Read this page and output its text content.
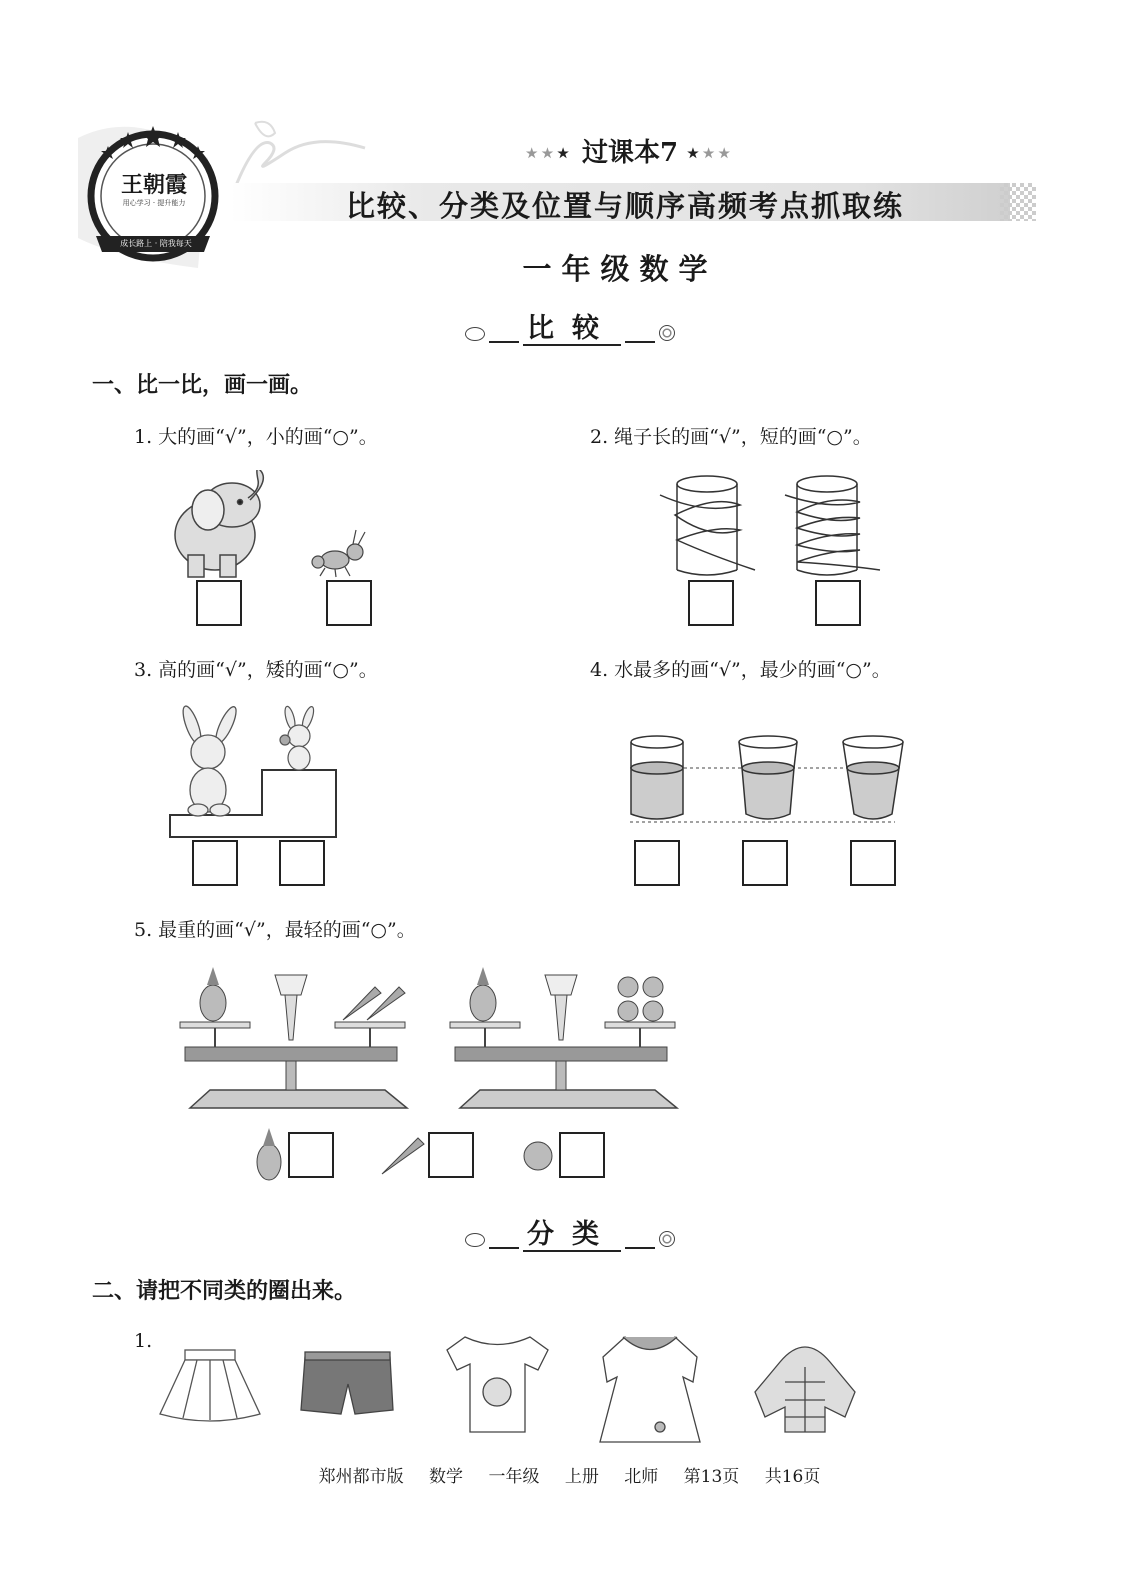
王朝霞
用心学习 · 提升能力
成长路上 · 陪我每天
★★★ 过课本7 ★★★
比较、分类及位置与顺序高频考点抓取练
一年级数学
比较
一、比一比，画一画。
1. 大的画“√”，小的画“○”。	2. 绳子长的画“√”，短的画“○”。
3. 高的画“√”，矮的画“○”。	4. 水最多的画“√”，最少的画“○”。
5. 最重的画“√”，最轻的画“○”。
分类
二、请把不同类的圈出来。
1.
郑州都市版 数学 一年级 上册 北师 第13页 共16页
